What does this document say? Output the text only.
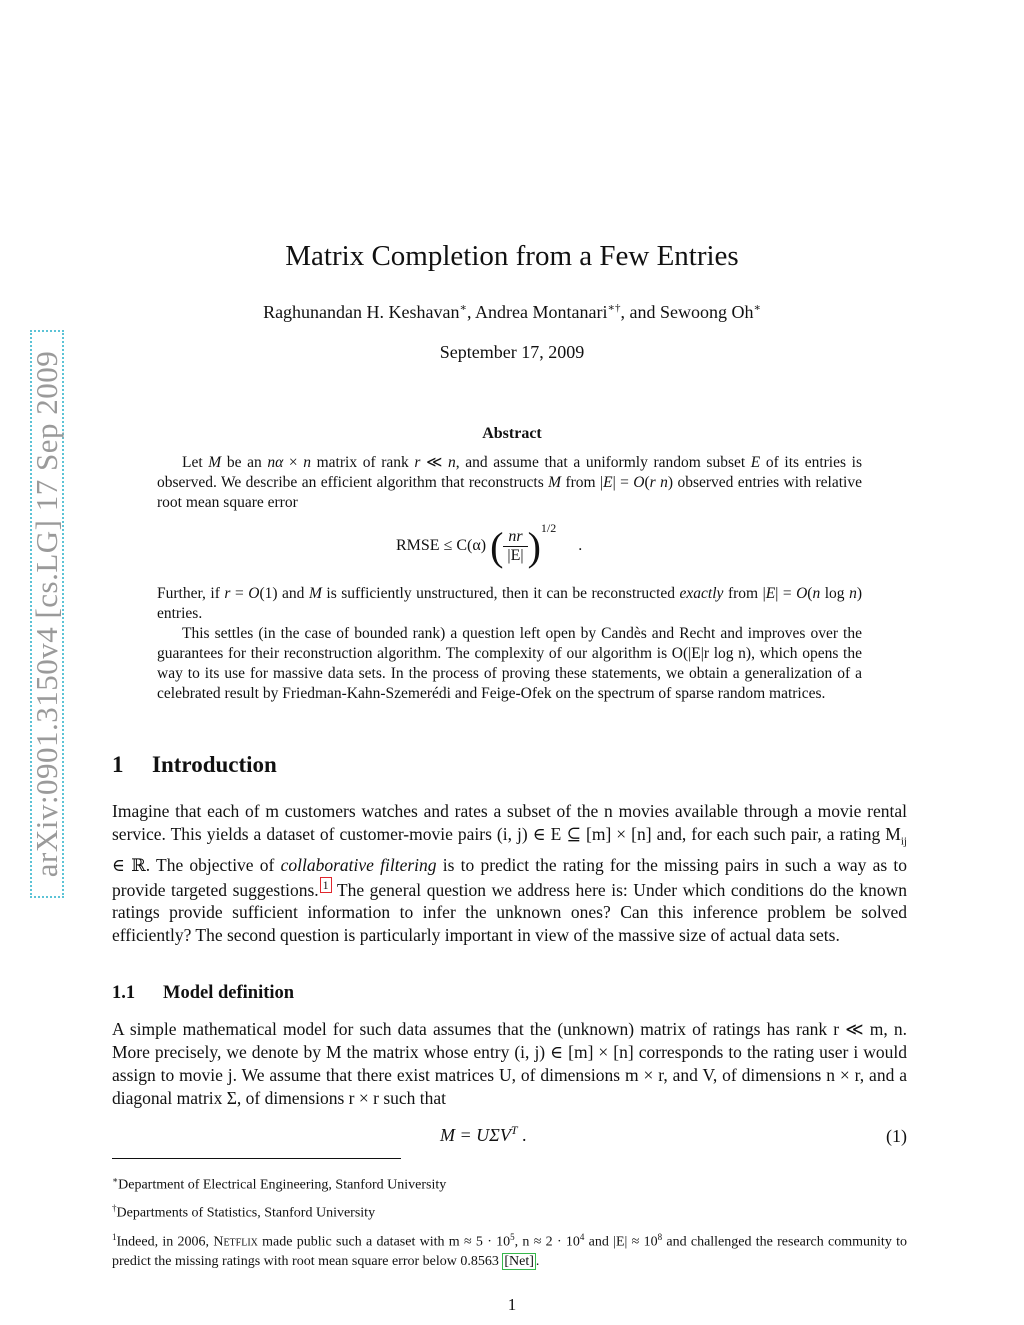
arXiv:0901.3150v4 [cs.LG] 17 Sep 2009
Matrix Completion from a Few Entries
Raghunandan H. Keshavan∗, Andrea Montanari∗†, and Sewoong Oh∗
September 17, 2009
Abstract
Let M be an nα × n matrix of rank r ≪ n, and assume that a uniformly random subset E of its entries is observed. We describe an efficient algorithm that reconstructs M from |E| = O(r n) observed entries with relative root mean square error
RMSE ≤ C(α) ( $\frac{nr}{|E|} )^{1/2}$ .
Further, if r = O(1) and M is sufficiently unstructured, then it can be reconstructed exactly from |E| = O(n log n) entries.
This settles (in the case of bounded rank) a question left open by Candès and Recht and improves over the guarantees for their reconstruction algorithm. The complexity of our algorithm is O(|E|r log n), which opens the way to its use for massive data sets. In the process of proving these statements, we obtain a generalization of a celebrated result by Friedman-Kahn-Szemerédi and Feige-Ofek on the spectrum of sparse random matrices.
1 Introduction
Imagine that each of m customers watches and rates a subset of the n movies available through a movie rental service. This yields a dataset of customer-movie pairs (i, j) ∈ E ⊆ [m] × [n] and, for each such pair, a rating $M_{ij}$ ∈ ℝ. The objective of collaborative filtering is to predict the rating for the missing pairs in such a way as to provide targeted suggestions. 1 The general question we address here is: Under which conditions do the known ratings provide sufficient information to infer the unknown ones? Can this inference problem be solved efficiently? The second question is particularly important in view of the massive size of actual data sets.
1.1 Model definition
A simple mathematical model for such data assumes that the (unknown) matrix of ratings has rank r ≪ m, n. More precisely, we denote by M the matrix whose entry (i, j) ∈ [m] × [n] corresponds to the rating user i would assign to movie j. We assume that there exist matrices U, of dimensions m × r, and V, of dimensions n × r, and a diagonal matrix Σ, of dimensions r × r such that
$M = U\Sigma V^T$ .	(1)
∗Department of Electrical Engineering, Stanford University
†Departments of Statistics, Stanford University
$^1$Indeed, in 2006, Netflix made public such a dataset with $m \approx 5 \cdot 10^5$, $n \approx 2 \cdot 10^4$ and $|E| \approx 10^8$ and challenged the research community to predict the missing ratings with root mean square error below 0.8563 [Net] .
1
